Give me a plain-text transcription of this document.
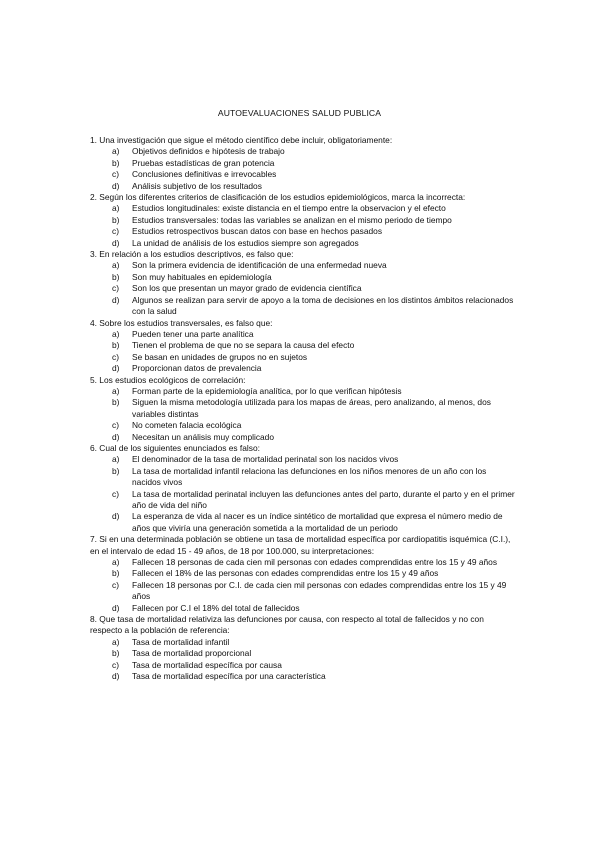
AUTOEVALUACIONES SALUD PUBLICA
1. Una investigación que sigue el método científico debe incluir, obligatoriamente:
a) Objetivos definidos e hipótesis de trabajo
b) Pruebas estadísticas de gran potencia
c) Conclusiones definitivas e irrevocables
d) Análisis subjetivo de los resultados
2. Según los diferentes criterios de clasificación de los estudios epidemiológicos, marca la incorrecta:
a) Estudios longitudinales: existe distancia en el tiempo entre la observacion y el efecto
b) Estudios transversales: todas las variables se analizan en el mismo periodo de tiempo
c) Estudios retrospectivos buscan datos con base en hechos pasados
d) La unidad de análisis de los estudios siempre son agregados
3. En relación a los estudios descriptivos, es falso que:
a) Son la primera evidencia de identificación de una enfermedad nueva
b) Son muy habituales en epidemiología
c) Son los que presentan un mayor grado de evidencia científica
d) Algunos se realizan para servir de apoyo a la toma de decisiones en los distintos ámbitos relacionados con la salud
4. Sobre los estudios transversales, es falso que:
a) Pueden tener una parte analítica
b) Tienen el problema de que no se separa la causa del efecto
c) Se basan en unidades de grupos no en sujetos
d) Proporcionan datos de prevalencia
5. Los estudios ecológicos de correlación:
a) Forman parte de la epidemiología analítica, por lo que verifican hipótesis
b) Siguen la misma metodología utilizada para los mapas de áreas, pero analizando, al menos, dos variables distintas
c) No cometen falacia ecológica
d) Necesitan un análisis muy complicado
6. Cual de los siguientes enunciados es falso:
a) El denominador de la tasa de mortalidad perinatal son los nacidos vivos
b) La tasa de mortalidad infantil relaciona las defunciones en los niños menores de un año con los nacidos vivos
c) La tasa de mortalidad perinatal incluyen las defunciones antes del parto, durante el parto y en el primer año de vida del niño
d) La esperanza de vida al nacer es un índice sintético de mortalidad que expresa el número medio de años que viviría una generación sometida a la mortalidad de un periodo
7. Si en una determinada población se obtiene un tasa de mortalidad específica por cardiopatitis isquémica (C.I.), en el intervalo de edad 15 - 49 años, de 18 por 100.000, su interpretaciones:
a) Fallecen 18 personas de cada cien mil personas con edades comprendidas entre los 15 y 49 años
b) Fallecen el 18% de las personas con edades comprendidas entre los 15 y 49 años
c) Fallecen 18 personas por C.I. de cada cien mil personas con edades comprendidas entre los 15 y 49 años
d) Fallecen por C.I el 18% del total de fallecidos
8. Que tasa de mortalidad relativiza las defunciones por causa, con respecto al total de fallecidos y no con respecto a la población de referencia:
a) Tasa de mortalidad infantil
b) Tasa de mortalidad proporcional
c) Tasa de mortalidad específica por causa
d) Tasa de mortalidad específica por una característica
